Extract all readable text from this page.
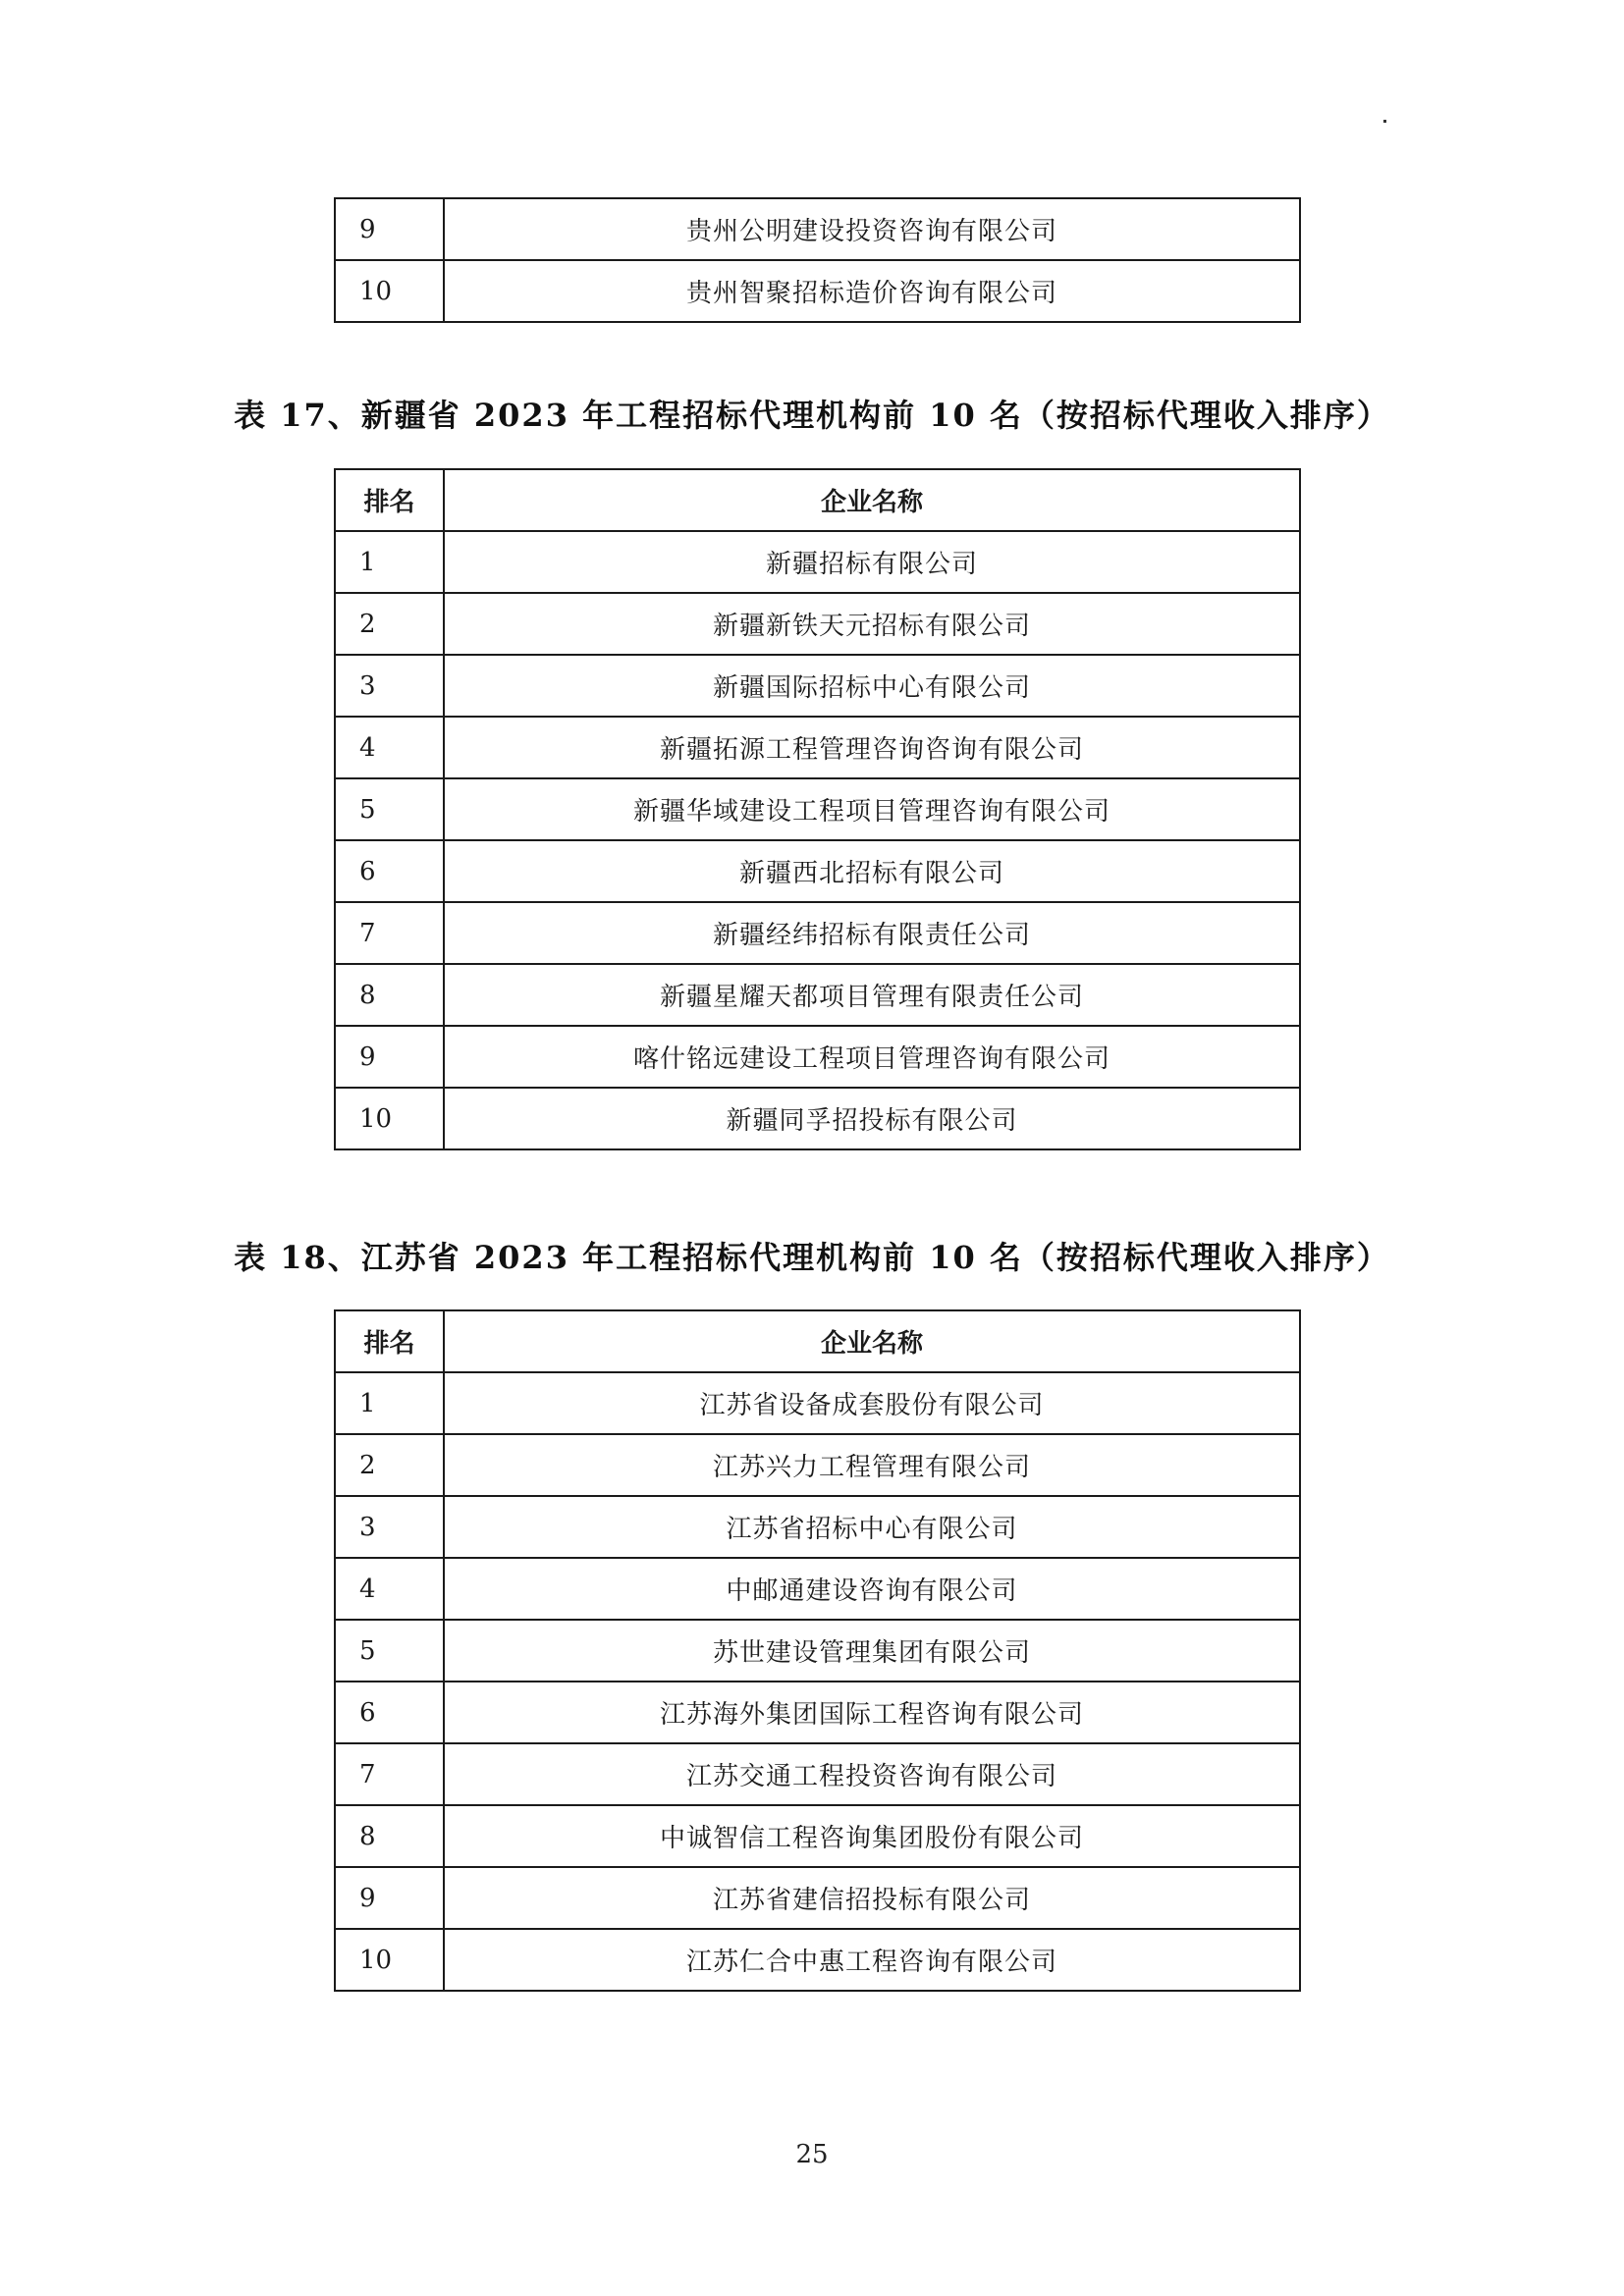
9	贵州公明建设投资咨询有限公司
10	贵州智聚招标造价咨询有限公司
表 17、新疆省 2023 年工程招标代理机构前 10 名（按招标代理收入排序）
排名	企业名称
1	新疆招标有限公司
2	新疆新铁天元招标有限公司
3	新疆国际招标中心有限公司
4	新疆拓源工程管理咨询咨询有限公司
5	新疆华域建设工程项目管理咨询有限公司
6	新疆西北招标有限公司
7	新疆经纬招标有限责任公司
8	新疆星耀天都项目管理有限责任公司
9	喀什铭远建设工程项目管理咨询有限公司
10	新疆同孚招投标有限公司
表 18、江苏省 2023 年工程招标代理机构前 10 名（按招标代理收入排序）
排名	企业名称
1	江苏省设备成套股份有限公司
2	江苏兴力工程管理有限公司
3	江苏省招标中心有限公司
4	中邮通建设咨询有限公司
5	苏世建设管理集团有限公司
6	江苏海外集团国际工程咨询有限公司
7	江苏交通工程投资咨询有限公司
8	中诚智信工程咨询集团股份有限公司
9	江苏省建信招投标有限公司
10	江苏仁合中惠工程咨询有限公司
25
